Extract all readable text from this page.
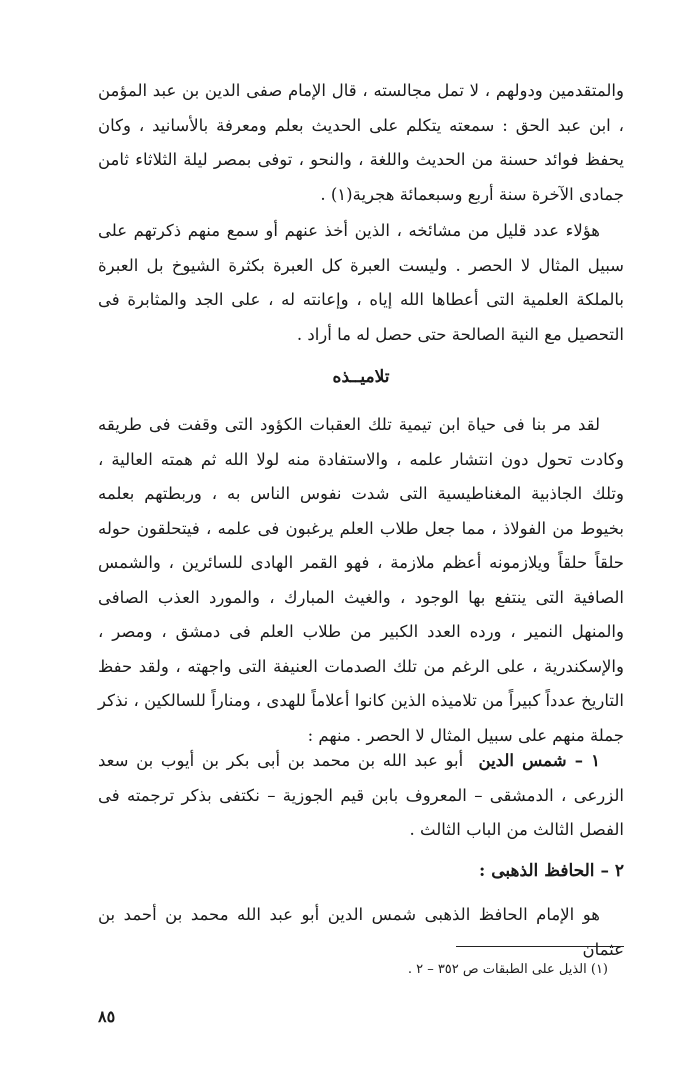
والمتقدمين ودولهم ، لا تمل مجالسته ، قال الإمام صفى الدين بن عبد المؤمن ، ابن عبد الحق : سمعته يتكلم على الحديث بعلم ومعرفة بالأسانيد ، وكان يحفظ فوائد حسنة من الحديث واللغة ، والنحو ، توفى بمصر ليلة الثلاثاء ثامن جمادى الآخرة سنة أربع وسبعمائة هجرية(١) .

هؤلاء عدد قليل من مشائخه ، الذين أخذ عنهم أو سمع منهم ذكرتهم على سبيل المثال لا الحصر . وليست العبرة كل العبرة بكثرة الشيوخ بل العبرة بالملكة العلمية التى أعطاها الله إياه ، وإعانته له ، على الجد والمثابرة فى التحصيل مع النية الصالحة حتى حصل له ما أراد .

تلاميــذه

لقد مر بنا فى حياة ابن تيمية تلك العقبات الكؤود التى وقفت فى طريقه وكادت تحول دون انتشار علمه ، والاستفادة منه لولا الله ثم همته العالية ، وتلك الجاذبية المغناطيسية التى شدت نفوس الناس به ، وربطتهم بعلمه بخيوط من الفولاذ ، مما جعل طلاب العلم يرغبون فى علمه ، فيتحلقون حوله حلقاً حلقاً ويلازمونه أعظم ملازمة ، فهو القمر الهادى للسائرين ، والشمس الصافية التى ينتفع بها الوجود ، والغيث المبارك ، والمورد العذب الصافى والمنهل النمير ، ورده العدد الكبير من طلاب العلم فى دمشق ، ومصر ، والإسكندرية ، على الرغم من تلك الصدمات العنيفة التى واجهته ، ولقد حفظ التاريخ عدداً كبيراً من تلاميذه الذين كانوا أعلاماً للهدى ، ومناراً للسالكين ، نذكر جملة منهم على سبيل المثال لا الحصر . منهم :

١ – شمس الدين  أبو عبد الله بن محمد بن أبى بكر بن أيوب بن سعد الزرعى ، الدمشقى – المعروف بابن قيم الجوزية – نكتفى بذكر ترجمته فى الفصل الثالث من الباب الثالث .

٢ – الحافظ الذهبى :

هو الإمام الحافظ الذهبى شمس الدين أبو عبد الله محمد بن أحمد بن عثمان

(١) الذيل على الطبقات ص ٣٥٢ – ٢ .
٨٥
